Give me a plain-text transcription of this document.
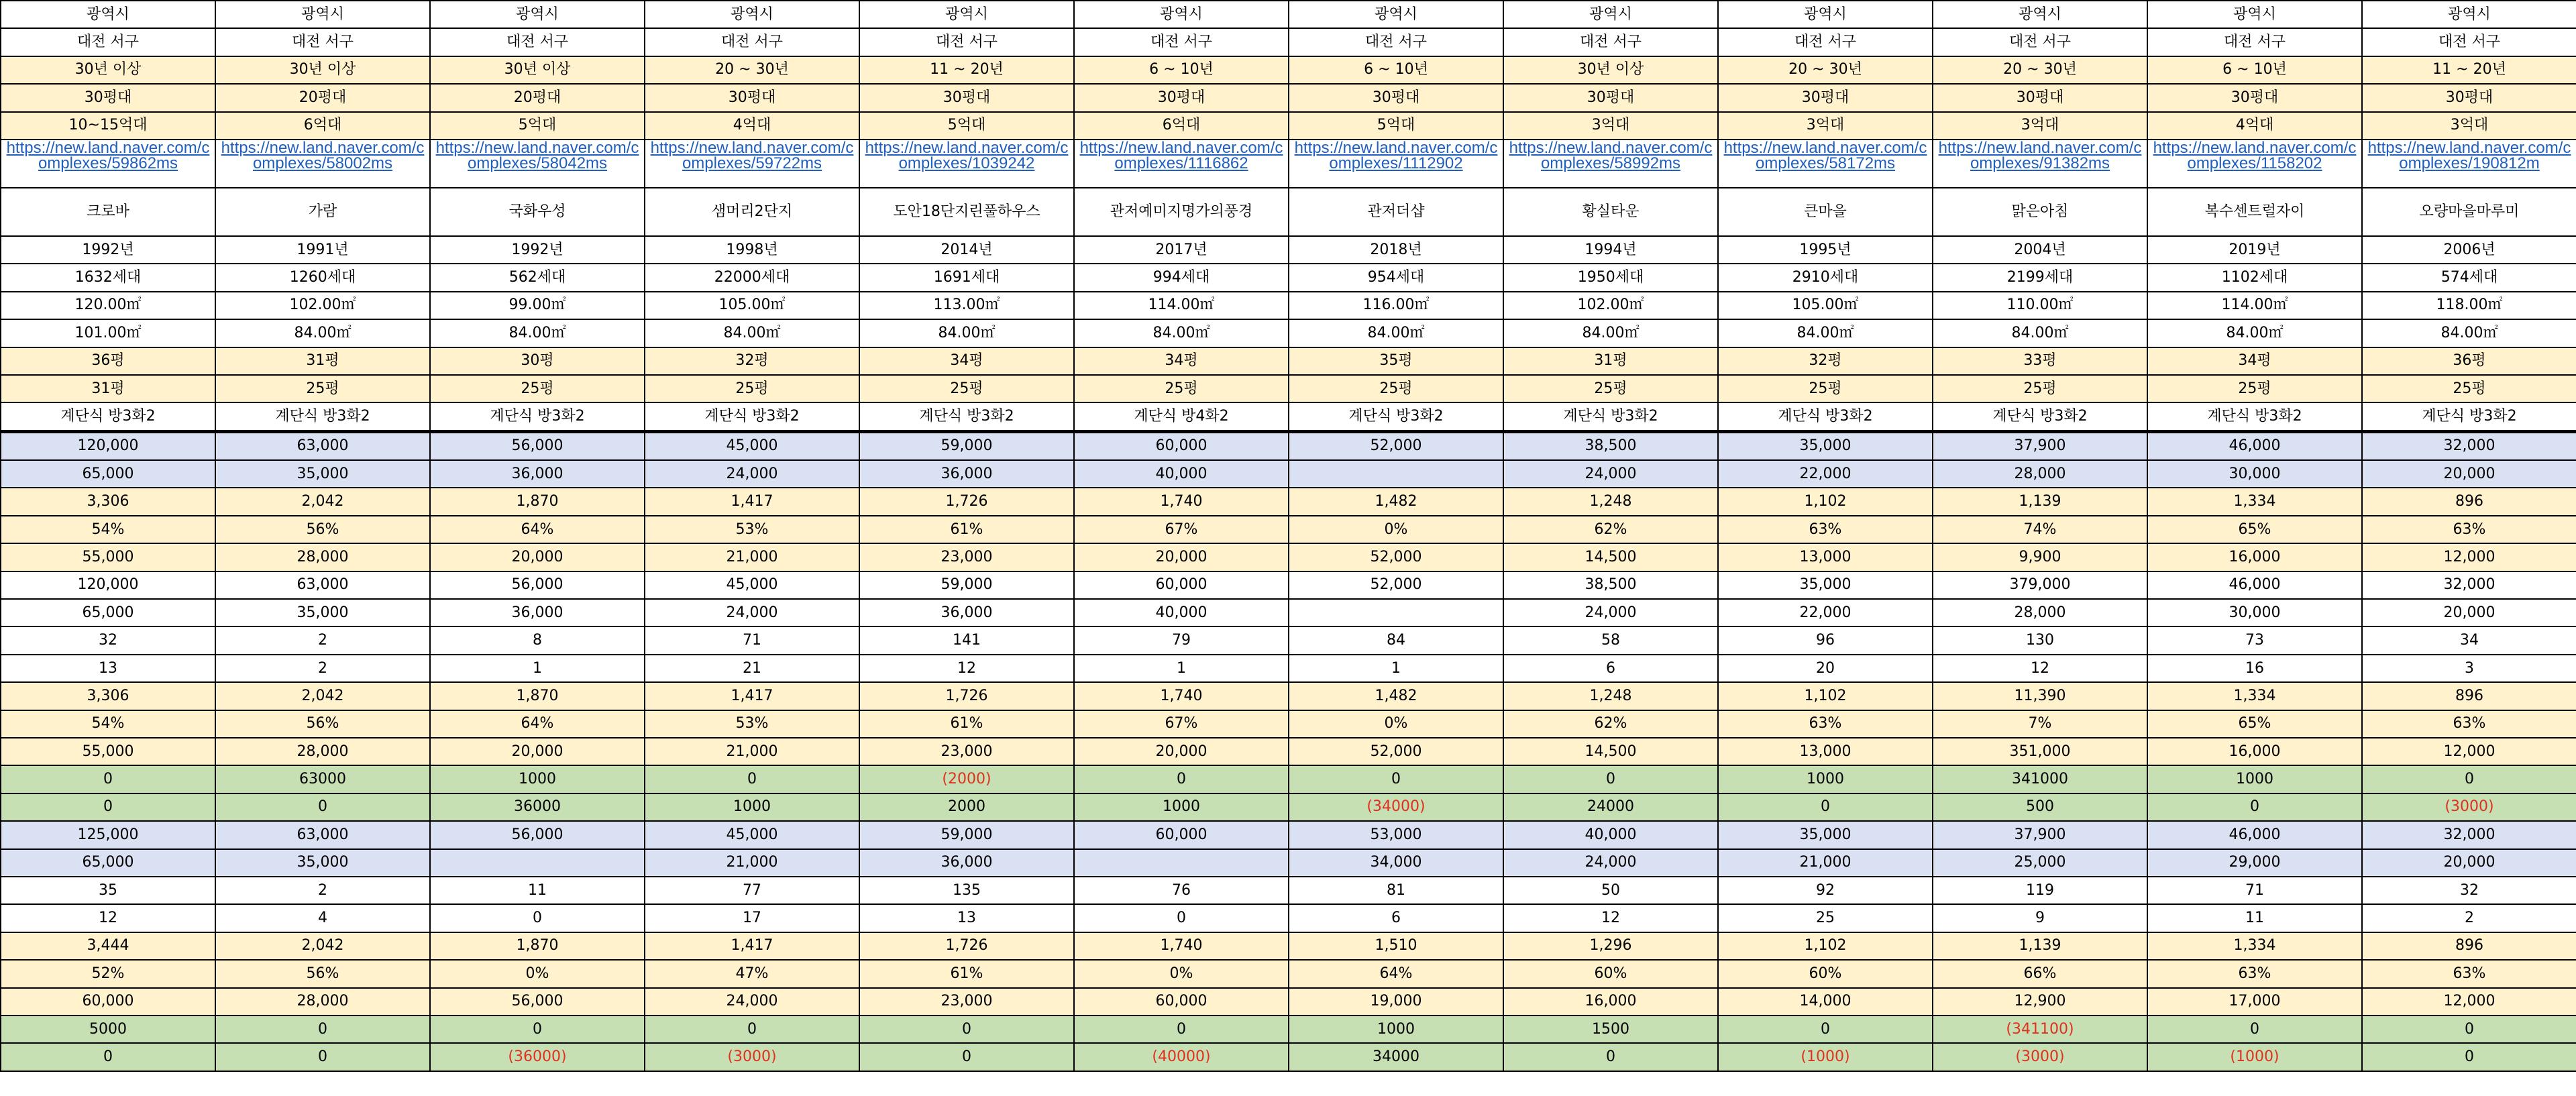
광역시	광역시	광역시	광역시	광역시	광역시	광역시	광역시	광역시	광역시	광역시	광역시
대전 서구	대전 서구	대전 서구	대전 서구	대전 서구	대전 서구	대전 서구	대전 서구	대전 서구	대전 서구	대전 서구	대전 서구
30년 이상	30년 이상	30년 이상	20 ~ 30년	11 ~ 20년	6 ~ 10년	6 ~ 10년	30년 이상	20 ~ 30년	20 ~ 30년	6 ~ 10년	11 ~ 20년
30평대	20평대	20평대	30평대	30평대	30평대	30평대	30평대	30평대	30평대	30평대	30평대
10~15억대	6억대	5억대	4억대	5억대	6억대	5억대	3억대	3억대	3억대	4억대	3억대
https://new.land.naver.com/complexes/59862ms	https://new.land.naver.com/complexes/58002ms	https://new.land.naver.com/complexes/58042ms	https://new.land.naver.com/complexes/59722ms	https://new.land.naver.com/complexes/1039242	https://new.land.naver.com/complexes/1116862	https://new.land.naver.com/complexes/1112902	https://new.land.naver.com/complexes/58992ms	https://new.land.naver.com/complexes/58172ms	https://new.land.naver.com/complexes/91382ms	https://new.land.naver.com/complexes/1158202	https://new.land.naver.com/complexes/190812m
크로바	가람	국화우성	샘머리2단지	도안18단지린풀하우스	관저예미지명가의풍경	관저더샵	황실타운	큰마을	맑은아침	복수센트럴자이	오량마을마루미
1992년	1991년	1992년	1998년	2014년	2017년	2018년	1994년	1995년	2004년	2019년	2006년
1632세대	1260세대	562세대	22000세대	1691세대	994세대	954세대	1950세대	2910세대	2199세대	1102세대	574세대
120.00㎡	102.00㎡	99.00㎡	105.00㎡	113.00㎡	114.00㎡	116.00㎡	102.00㎡	105.00㎡	110.00㎡	114.00㎡	118.00㎡
101.00㎡	84.00㎡	84.00㎡	84.00㎡	84.00㎡	84.00㎡	84.00㎡	84.00㎡	84.00㎡	84.00㎡	84.00㎡	84.00㎡
36평	31평	30평	32평	34평	34평	35평	31평	32평	33평	34평	36평
31평	25평	25평	25평	25평	25평	25평	25평	25평	25평	25평	25평
계단식 방3화2	계단식 방3화2	계단식 방3화2	계단식 방3화2	계단식 방3화2	계단식 방4화2	계단식 방3화2	계단식 방3화2	계단식 방3화2	계단식 방3화2	계단식 방3화2	계단식 방3화2
120,000	63,000	56,000	45,000	59,000	60,000	52,000	38,500	35,000	37,900	46,000	32,000
65,000	35,000	36,000	24,000	36,000	40,000		24,000	22,000	28,000	30,000	20,000
3,306	2,042	1,870	1,417	1,726	1,740	1,482	1,248	1,102	1,139	1,334	896
54%	56%	64%	53%	61%	67%	0%	62%	63%	74%	65%	63%
55,000	28,000	20,000	21,000	23,000	20,000	52,000	14,500	13,000	9,900	16,000	12,000
120,000	63,000	56,000	45,000	59,000	60,000	52,000	38,500	35,000	379,000	46,000	32,000
65,000	35,000	36,000	24,000	36,000	40,000		24,000	22,000	28,000	30,000	20,000
32	2	8	71	141	79	84	58	96	130	73	34
13	2	1	21	12	1	1	6	20	12	16	3
3,306	2,042	1,870	1,417	1,726	1,740	1,482	1,248	1,102	11,390	1,334	896
54%	56%	64%	53%	61%	67%	0%	62%	63%	7%	65%	63%
55,000	28,000	20,000	21,000	23,000	20,000	52,000	14,500	13,000	351,000	16,000	12,000
0	63000	1000	0	(2000)	0	0	0	1000	341000	1000	0
0	0	36000	1000	2000	1000	(34000)	24000	0	500	0	(3000)
125,000	63,000	56,000	45,000	59,000	60,000	53,000	40,000	35,000	37,900	46,000	32,000
65,000	35,000		21,000	36,000		34,000	24,000	21,000	25,000	29,000	20,000
35	2	11	77	135	76	81	50	92	119	71	32
12	4	0	17	13	0	6	12	25	9	11	2
3,444	2,042	1,870	1,417	1,726	1,740	1,510	1,296	1,102	1,139	1,334	896
52%	56%	0%	47%	61%	0%	64%	60%	60%	66%	63%	63%
60,000	28,000	56,000	24,000	23,000	60,000	19,000	16,000	14,000	12,900	17,000	12,000
5000	0	0	0	0	0	1000	1500	0	(341100)	0	0
0	0	(36000)	(3000)	0	(40000)	34000	0	(1000)	(3000)	(1000)	0
